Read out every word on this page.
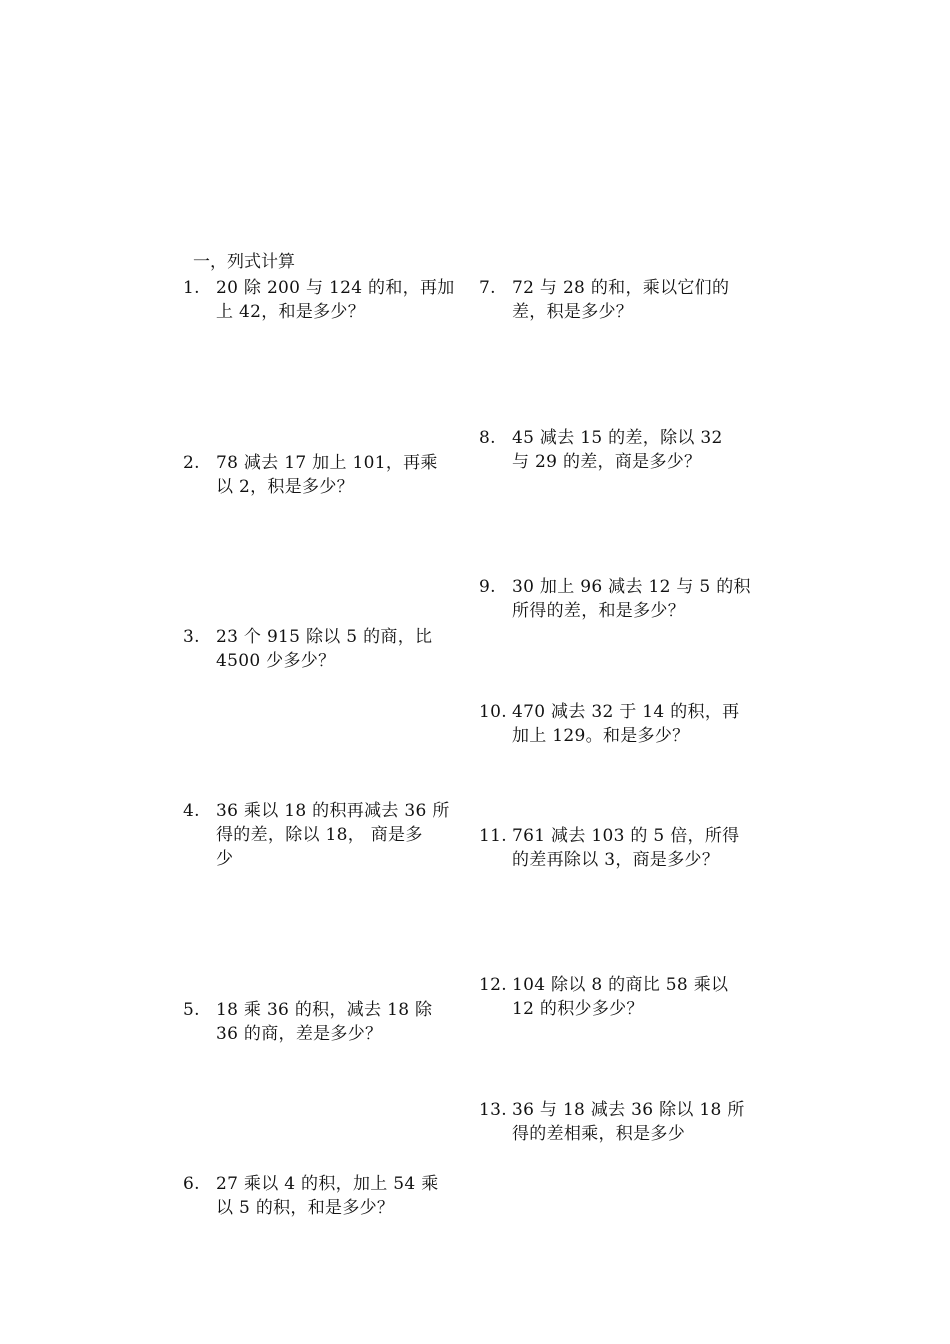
一，列式计算
1. 20 除 200 与 124 的和，再加
上 42，和是多少？
2. 78 减去 17 加上 101，再乘
以 2，积是多少？
3. 23 个 915 除以 5 的商，比
4500 少多少？
4. 36 乘以 18 的积再减去 36 所
得的差，除以 18， 商是多
少
5. 18 乘 36 的积，减去 18 除
36 的商，差是多少？
6. 27 乘以 4 的积，加上 54 乘
以 5 的积，和是多少？
7. 72 与 28 的和，乘以它们的
差，积是多少？
8. 45 减去 15 的差，除以 32
与 29 的差，商是多少？
9. 30 加上 96 减去 12 与 5 的积
所得的差，和是多少？
10. 470 减去 32 于 14 的积，再
加上 129。和是多少？
11. 761 减去 103 的 5 倍，所得
的差再除以 3，商是多少？
12. 104 除以 8 的商比 58 乘以
12 的积少多少？
13. 36 与 18 减去 36 除以 18 所
得的差相乘，积是多少
